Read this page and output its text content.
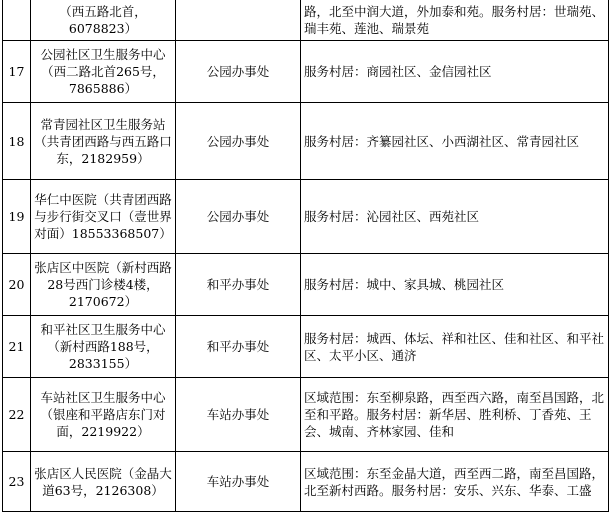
	（西五路北首，6078823）		路，北至中润大道，外加泰和苑。服务村居：世瑞苑、瑞丰苑、莲池、瑞景苑
17	公园社区卫生服务中心（西二路北首265号，7865886）	公园办事处	服务村居：商园社区、金信园社区
18	常青园社区卫生服务站（共青团西路与西五路口东，2182959）	公园办事处	服务村居：齐纂园社区、小西湖社区、常青园社区
19	华仁中医院（共青团西路与步行街交叉口（壹世界对面）18553368507）	公园办事处	服务村居：沁园社区、西苑社区
20	张店区中医院（新村西路28号西门诊楼4楼，2170672）	和平办事处	服务村居：城中、家具城、桃园社区
21	和平社区卫生服务中心（新村西路188号，2833155）	和平办事处	服务村居：城西、体坛、祥和社区、佳和社区、和平社区、太平小区、通济
22	车站社区卫生服务中心（银座和平路店东门对面，2219922）	车站办事处	区域范围：东至柳泉路，西至西六路，南至昌国路，北至和平路。服务村居：新华居、胜利桥、丁香苑、王会、城南、齐林家园、佳和
23	张店区人民医院（金晶大道63号，2126308）	车站办事处	区域范围：东至金晶大道，西至西二路，南至昌国路，北至新村西路。服务村居：安乐、兴东、华泰、工盛
